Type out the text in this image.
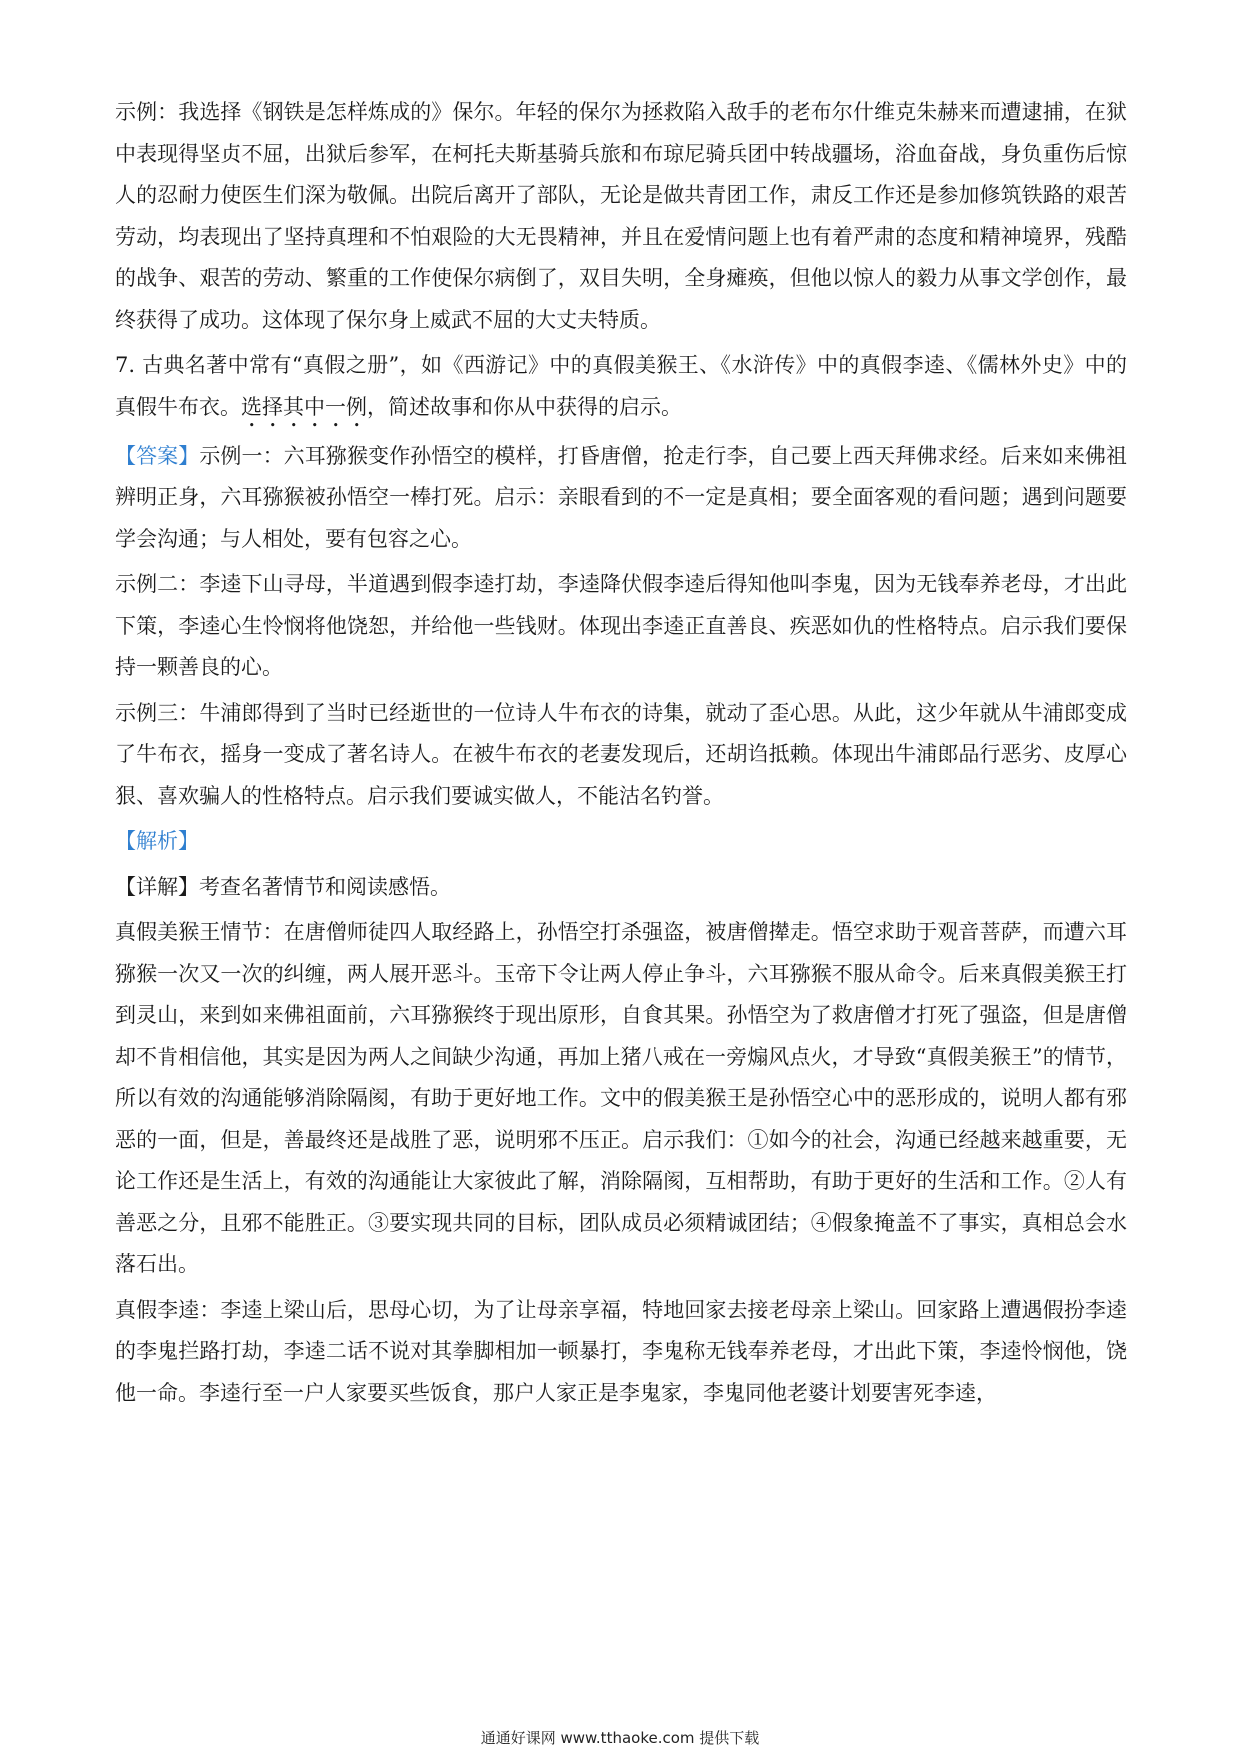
示例：我选择《钢铁是怎样炼成的》保尔。年轻的保尔为拯救陷入敌手的老布尔什维克朱赫来而遭逮捕，在狱中表现得坚贞不屈，出狱后参军，在柯托夫斯基骑兵旅和布琼尼骑兵团中转战疆场，浴血奋战，身负重伤后惊人的忍耐力使医生们深为敬佩。出院后离开了部队，无论是做共青团工作，肃反工作还是参加修筑铁路的艰苦劳动，均表现出了坚持真理和不怕艰险的大无畏精神，并且在爱情问题上也有着严肃的态度和精神境界，残酷的战争、艰苦的劳动、繁重的工作使保尔病倒了，双目失明，全身瘫痪，但他以惊人的毅力从事文学创作，最终获得了成功。这体现了保尔身上威武不屈的大丈夫特质。

7. 古典名著中常有“真假之册”，如《西游记》中的真假美猴王、《水浒传》中的真假李逵、《儒林外史》中的真假牛布衣。选择其中一例，简述故事和你从中获得的启示。

【答案】示例一：六耳猕猴变作孙悟空的模样，打昏唐僧，抢走行李，自己要上西天拜佛求经。后来如来佛祖辨明正身，六耳猕猴被孙悟空一棒打死。启示：亲眼看到的不一定是真相；要全面客观的看问题；遇到问题要学会沟通；与人相处，要有包容之心。

示例二：李逵下山寻母，半道遇到假李逵打劫，李逵降伏假李逵后得知他叫李鬼，因为无钱奉养老母，才出此下策，李逵心生怜悯将他饶恕，并给他一些钱财。体现出李逵正直善良、疾恶如仇的性格特点。启示我们要保持一颗善良的心。

示例三：牛浦郎得到了当时已经逝世的一位诗人牛布衣的诗集，就动了歪心思。从此，这少年就从牛浦郎变成了牛布衣，摇身一变成了著名诗人。在被牛布衣的老妻发现后，还胡诌抵赖。体现出牛浦郎品行恶劣、皮厚心狠、喜欢骗人的性格特点。启示我们要诚实做人，不能沽名钓誉。

【解析】

【详解】考查名著情节和阅读感悟。

真假美猴王情节：在唐僧师徒四人取经路上，孙悟空打杀强盗，被唐僧撵走。悟空求助于观音菩萨，而遭六耳猕猴一次又一次的纠缠，两人展开恶斗。玉帝下令让两人停止争斗，六耳猕猴不服从命令。后来真假美猴王打到灵山，来到如来佛祖面前，六耳猕猴终于现出原形，自食其果。孙悟空为了救唐僧才打死了强盗，但是唐僧却不肯相信他，其实是因为两人之间缺少沟通，再加上猪八戒在一旁煽风点火，才导致“真假美猴王”的情节，所以有效的沟通能够消除隔阂，有助于更好地工作。文中的假美猴王是孙悟空心中的恶形成的，说明人都有邪恶的一面，但是，善最终还是战胜了恶，说明邪不压正。启示我们：①如今的社会，沟通已经越来越重要，无论工作还是生活上，有效的沟通能让大家彼此了解，消除隔阂，互相帮助，有助于更好的生活和工作。②人有善恶之分，且邪不能胜正。③要实现共同的目标，团队成员必须精诚团结；④假象掩盖不了事实，真相总会水落石出。

真假李逵：李逵上梁山后，思母心切，为了让母亲享福，特地回家去接老母亲上梁山。回家路上遭遇假扮李逵的李鬼拦路打劫，李逵二话不说对其拳脚相加一顿暴打，李鬼称无钱奉养老母，才出此下策，李逵怜悯他，饶他一命。李逵行至一户人家要买些饭食，那户人家正是李鬼家，李鬼同他老婆计划要害死李逵，

通通好课网 www.tthaoke.com 提供下载
